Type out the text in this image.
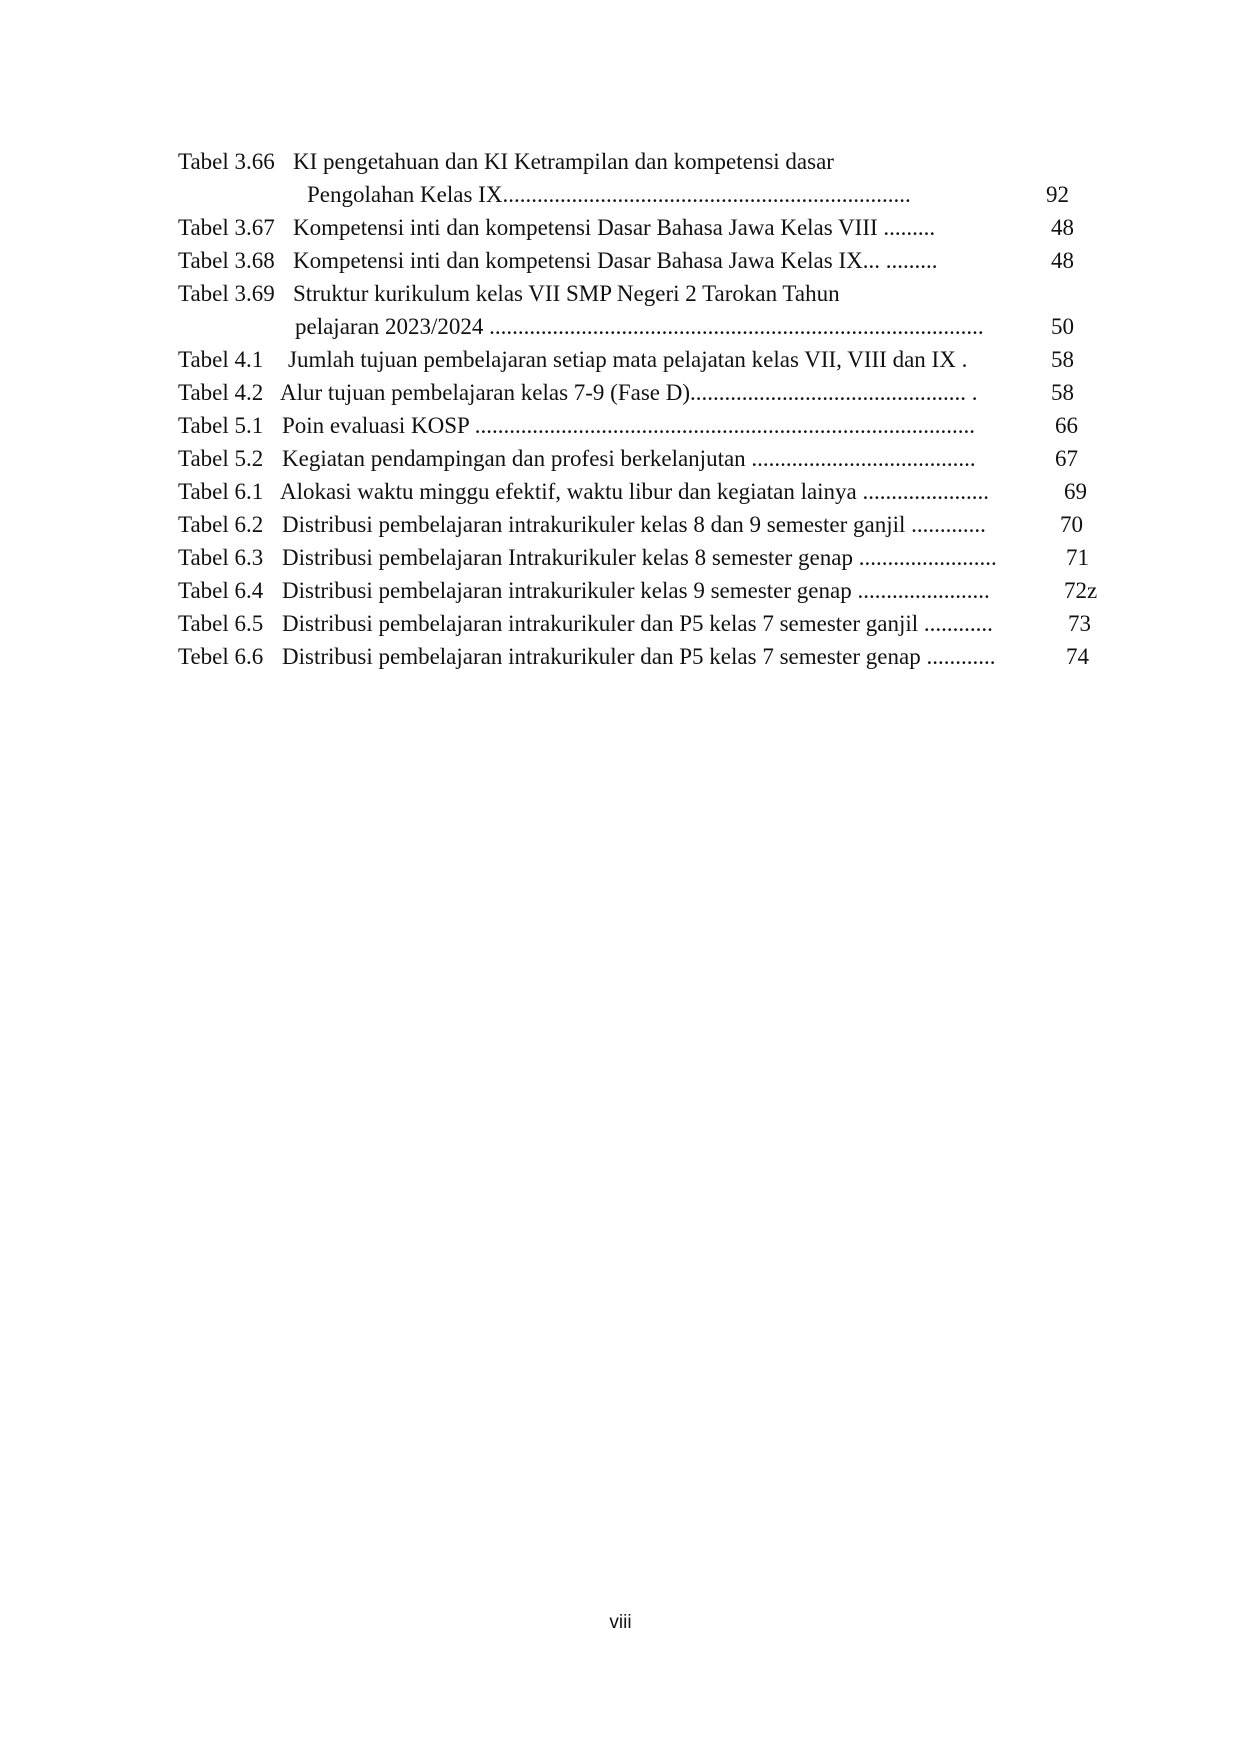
Tabel 3.66 KI pengetahuan dan KI Ketrampilan dan kompetensi dasar
Pengolahan Kelas IX.......................................................................	92
Tabel 3.67 Kompetensi inti dan kompetensi Dasar Bahasa Jawa Kelas VIII .........	48
Tabel 3.68 Kompetensi inti dan kompetensi Dasar Bahasa Jawa Kelas IX... .........	48
Tabel 3.69 Struktur kurikulum kelas VII SMP Negeri 2 Tarokan Tahun
pelajaran 2023/2024 ......................................................................................	50
Tabel 4.1 Jumlah tujuan pembelajaran setiap mata pelajatan kelas VII, VIII dan IX .	58
Tabel 4.2 Alur tujuan pembelajaran kelas 7-9 (Fase D)................................................ .	58
Tabel 5.1 Poin evaluasi KOSP .......................................................................................	66
Tabel 5.2 Kegiatan pendampingan dan profesi berkelanjutan .......................................	67
Tabel 6.1 Alokasi waktu minggu efektif, waktu libur dan kegiatan lainya ......................	69
Tabel 6.2 Distribusi pembelajaran intrakurikuler kelas 8 dan 9 semester ganjil .............	70
Tabel 6.3 Distribusi pembelajaran Intrakurikuler kelas 8 semester genap ........................	71
Tabel 6.4 Distribusi pembelajaran intrakurikuler kelas 9 semester genap .......................	72z
Tabel 6.5 Distribusi pembelajaran intrakurikuler dan P5 kelas 7 semester ganjil ............	73
Tebel 6.6 Distribusi pembelajaran intrakurikuler dan P5 kelas 7 semester genap ............	74
viii
